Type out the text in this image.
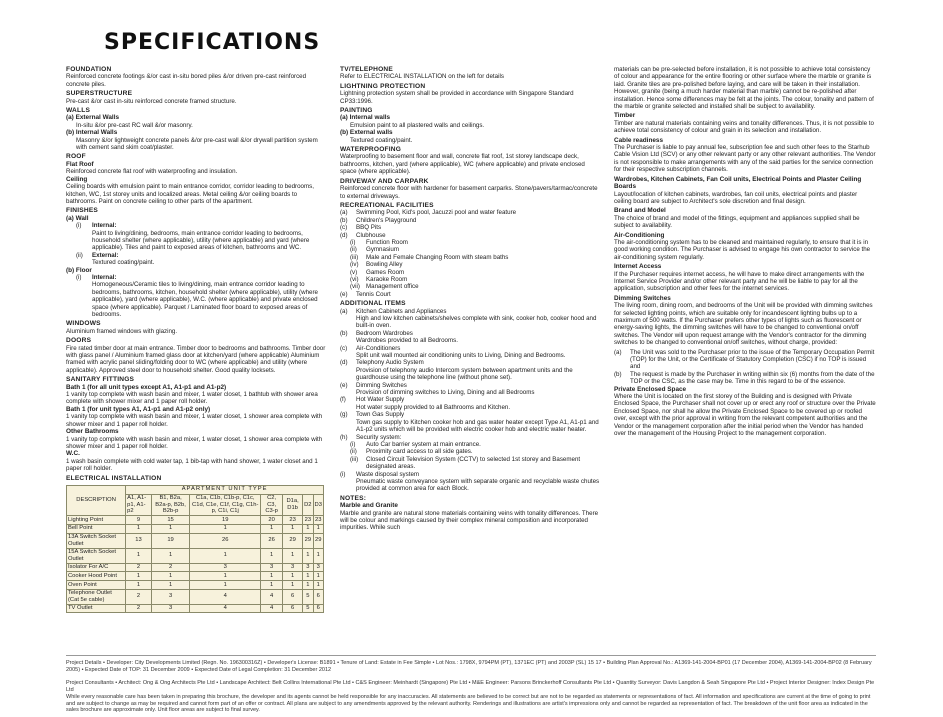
SPECIFICATIONS
FOUNDATION
Reinforced concrete footings &/or cast in-situ bored piles &/or driven pre-cast reinforced concrete piles.
SUPERSTRUCTURE
Pre-cast &/or cast in-situ reinforced concrete framed structure.
WALLS
(a) External Walls
In-situ &/or pre-cast RC wall &/or masonry.
(b) Internal Walls
Masonry &/or lightweight concrete panels &/or pre-cast wall &/or drywall partition system with cement sand skim coat/plaster.
ROOF
Flat Roof
Reinforced concrete flat roof with waterproofing and insulation.
Ceiling
Ceiling boards with emulsion paint to main entrance corridor, corridor leading to bedrooms, kitchen, WC, 1st storey units and localized areas. Metal ceiling &/or ceiling boards to bathrooms. Paint on concrete ceiling to other parts of the apartment.
FINISHES
(a) Wall
(i)	Internal:
Paint to living/dining, bedrooms, main entrance corridor leading to bedrooms, household shelter (where applicable), utility (where applicable) and yard (where applicable). Tiles and paint to exposed areas of kitchen, bathrooms and WC.
(ii)	External:
Textured coating/paint.
(b) Floor
(i)	Internal:
Homogeneous/Ceramic tiles to living/dining, main entrance corridor leading to bedrooms, bathrooms, kitchen, household shelter (where applicable), utility (where applicable), yard (where applicable), W.C. (where applicable) and private enclosed space (where applicable). Parquet / Laminated floor board to exposed areas of bedrooms.
WINDOWS
Aluminium framed windows with glazing.
DOORS
Fire rated timber door at main entrance. Timber door to bedrooms and bathrooms. Timber door with glass panel / Aluminium framed glass door at kitchen/yard (where applicable) Aluminium framed with acrylic panel sliding/folding door to WC (where applicable) and utility (where applicable). Approved steel door to household shelter. Good quality locksets.
SANITARY FITTINGS
Bath 1 (for all unit types except A1, A1-p1 and A1-p2)
1 vanity top complete with wash basin and mixer, 1 water closet, 1 bathtub with shower area complete with shower mixer and 1 paper roll holder.
Bath 1 (for unit types A1, A1-p1 and A1-p2 only)
1 vanity top complete with wash basin and mixer, 1 water closet, 1 shower area complete with shower mixer and 1 paper roll holder.
Other Bathrooms
1 vanity top complete with wash basin and mixer, 1 water closet, 1 shower area complete with shower mixer and 1 paper roll holder.
W.C.
1 wash basin complete with cold water tap, 1 bib-tap with hand shower, 1 water closet and 1 paper roll holder.
ELECTRICAL INSTALLATION
DESCRIPTION	APARTMENT UNIT TYPE						
	A1, A1-p1, A1-p2	B1, B2a, B2a-p, B2b, B2b-p	C1a, C1b, C1b-p, C1c, C1d, C1e, C1f, C1g, C1h-p, C1i, C1j	C2, C3, C3-p	D1a, D1b	D2	D3
Lighting Point	9	15	19	20	23	23	23
Bell Point	1	1	1	1	1	1	1
13A Switch Socket Outlet	13	19	26	26	29	29	29
15A Switch Socket Outlet	1	1	1	1	1	1	1
Isolator For A/C	2	2	3	3	3	3	3
Cooker Hood Point	1	1	1	1	1	1	1
Oven Point	1	1	1	1	1	1	1
Telephone Outlet (Cat 5e cable)	2	3	4	4	6	5	6
TV Outlet	2	3	4	4	6	5	6
TV/TELEPHONE
Refer to ELECTRICAL INSTALLATION on the left for details
LIGHTNING PROTECTION
Lightning protection system shall be provided in accordance with Singapore Standard CP33:1996.
PAINTING
(a) Internal walls
Emulsion paint to all plastered walls and ceilings.
(b) External walls
Textured coating/paint.
WATERPROOFING
Waterproofing to basement floor and wall, concrete flat roof, 1st storey landscape deck, bathrooms, kitchen, yard (where applicable), WC (where applicable) and private enclosed space (where applicable).
DRIVEWAY AND CARPARK
Reinforced concrete floor with hardener for basement carparks. Stone/pavers/tarmac/concrete to external driveways.
RECREATIONAL FACILITIES
(a)	Swimming Pool, Kid's pool, Jacuzzi pool and water feature
(b)	Children's Playground
(c)	BBQ Pits
(d)	Clubhouse
(i)	Function Room
(ii)	Gymnasium
(iii)	Male and Female Changing Room with steam baths
(iv)	Bowling Alley
(v)	Games Room
(vi)	Karaoke Room
(vii) Management office
(e)	Tennis Court
ADDITIONAL ITEMS
(a)	Kitchen Cabinets and Appliances
High and low kitchen cabinets/shelves complete with sink, cooker hob, cooker hood and built-in oven.
(b)	Bedroom Wardrobes
Wardrobes provided to all Bedrooms.
(c)	Air-Conditioners
Split unit wall mounted air conditioning units to Living, Dining and Bedrooms.
(d)	Telephony Audio System
Provision of telephony audio Intercom system between apartment units and the guardhouse using the telephone line (without phone set).
(e)	Dimming Switches
Provision of dimming switches to Living, Dining and all Bedrooms
(f)	Hot Water Supply
Hot water supply provided to all Bathrooms and Kitchen.
(g)	Town Gas Supply
Town gas supply to Kitchen cooker hob and gas water heater except Type A1, A1-p1 and A1-p2 units which will be provided with electric cooker hob and electric water heater.
(h)	Security system:
(i)	Auto Car barrier system at main entrance.
(ii)	Proximity card access to all side gates.
(iii)	Closed Circuit Television System (CCTV) to selected 1st storey and Basement designated areas.
(i)	Waste disposal system
Pneumatic waste conveyance system with separate organic and recyclable waste chutes provided at common area for each Block.
NOTES:
Marble and Granite
Marble and granite are natural stone materials containing veins with tonality differences. There will be colour and markings caused by their complex mineral composition and incorporated impurities. While such
materials can be pre-selected before installation, it is not possible to achieve total consistency of colour and appearance for the entire flooring or other surface where the marble or granite is laid. Granite tiles are pre-polished before laying, and care will be taken in their installation. However, granite (being a much harder material than marble) cannot be re-polished after installation. Hence some differences may be felt at the joints. The colour, tonality and pattern of the marble or granite selected and installed shall be subject to availability.
Timber
Timber are natural materials containing veins and tonality differences. Thus, it is not possible to achieve total consistency of colour and grain in its selection and installation.
Cable readiness
The Purchaser is liable to pay annual fee, subscription fee and such other fees to the Starhub Cable Vision Ltd (SCV) or any other relevant party or any other relevant authorities. The Vendor is not responsible to make arrangements with any of the said parties for the service connection for their respective subscription channels.
Wardrobes, Kitchen Cabinets, Fan Coil units, Electrical Points and Plaster Ceiling Boards
Layout/location of kitchen cabinets, wardrobes, fan coil units, electrical points and plaster ceiling board are subject to Architect's sole discretion and final design.
Brand and Model
The choice of brand and model of the fittings, equipment and appliances supplied shall be subject to availability.
Air-Conditioning
The air-conditioning system has to be cleaned and maintained regularly, to ensure that it is in good working condition. The Purchaser is advised to engage his own contractor to service the air-conditioning system regularly.
Internet Access
If the Purchaser requires internet access, he will have to make direct arrangements with the Internet Service Provider and/or other relevant party and he will be liable to pay for all the application, subscription and other fees for the internet services.
Dimming Switches
The living room, dining room, and bedrooms of the Unit will be provided with dimming switches for selected lighting points, which are suitable only for incandescent lighting bulbs up to a maximum of 500 watts. If the Purchaser prefers other types of lights such as fluorescent or energy-saving lights, the dimming switches will have to be changed to conventional on/off switches. The Vendor will upon request arrange with the Vendor's contractor for the dimming switches to be changed to conventional on/off switches, without charge, provided:
(a)	The Unit was sold to the Purchaser prior to the issue of the Temporary Occupation Permit (TOP) for the Unit, or the Certificate of Statutory Completion (CSC) if no TOP is issued and
(b)	The request is made by the Purchaser in writing within six (6) months from the date of the TOP or the CSC, as the case may be. Time in this regard to be of the essence.
Private Enclosed Space
Where the Unit is located on the first storey of the Building and is designed with Private Enclosed Space, the Purchaser shall not cover up or erect any roof or structure over the Private Enclosed Space, nor shall he allow the Private Enclosed Space to be covered up or roofed over, except with the prior approval in writing from the relevant competent authorities and the Vendor or the management corporation after the initial period when the Vendor has handed over the management of the Housing Project to the management corporation.
Project Details • Developer: City Developments Limited (Regn. No. 196300316Z) • Developer's License: B1891 • Tenure of Land: Estate in Fee Simple • Lot Nos.: 1798X, 9794PM (PT), 1371EC (PT) and 2003P (SL) 15 17 • Building Plan Approval No.: A1369-141-2004-BP01 (17 December 2004), A1369-141-2004-BP02 (8 February 2005) • Expected Date of TOP: 31 December 2009 • Expected Date of Legal Completion: 31 December 2012
Project Consultants • Architect: Ong & Ong Architects Pte Ltd • Landscape Architect: Belt Collins International Pte Ltd • C&S Engineer: Meinhardt (Singapore) Pte Ltd • M&E Engineer: Parsons Brinckerhoff Consultants Pte Ltd • Quantity Surveyor: Davis Langdon & Seah Singapore Pte Ltd • Project Interior Designer: Index Design Pte Ltd
While every reasonable care has been taken in preparing this brochure, the developer and its agents cannot be held responsible for any inaccuracies. All statements are believed to be correct but are not to be regarded as statements or representations of fact. All information and specifications are current at the time of going to print and are subject to change as may be required and cannot form part of an offer or contract. All plans are subject to any amendments approved by the relevant authority. Renderings and illustrations are artist's impressions only and cannot be regarded as representation of fact. The breakdown of the unit floor area as indicated in the sales brochure are approximate only. Unit floor areas are subject to final survey.
